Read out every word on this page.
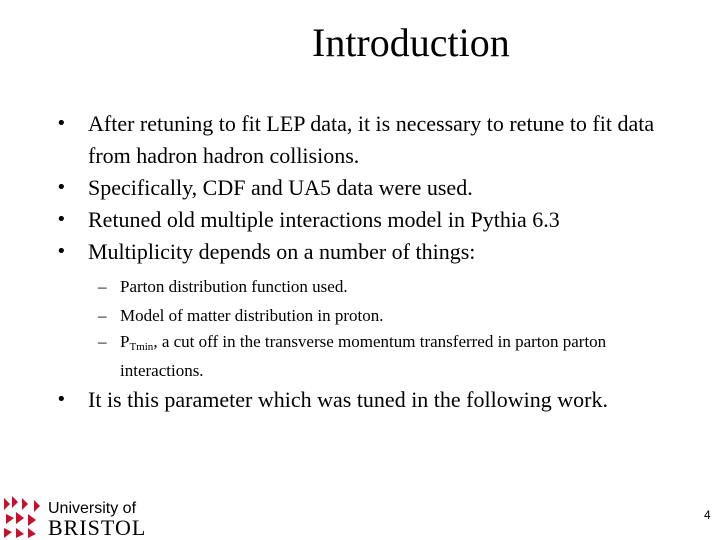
Introduction
• After retuning to fit LEP data, it is necessary to retune to fit data from hadron hadron collisions.
• Specifically, CDF and UA5 data were used.
• Retuned old multiple interactions model in Pythia 6.3
• Multiplicity depends on a number of things:
– Parton distribution function used.
– Model of matter distribution in proton.
– $P_{Tmin}$, a cut off in the transverse momentum transferred in parton parton interactions.
• It is this parameter which was tuned in the following work.
University of
BRISTOL	4
